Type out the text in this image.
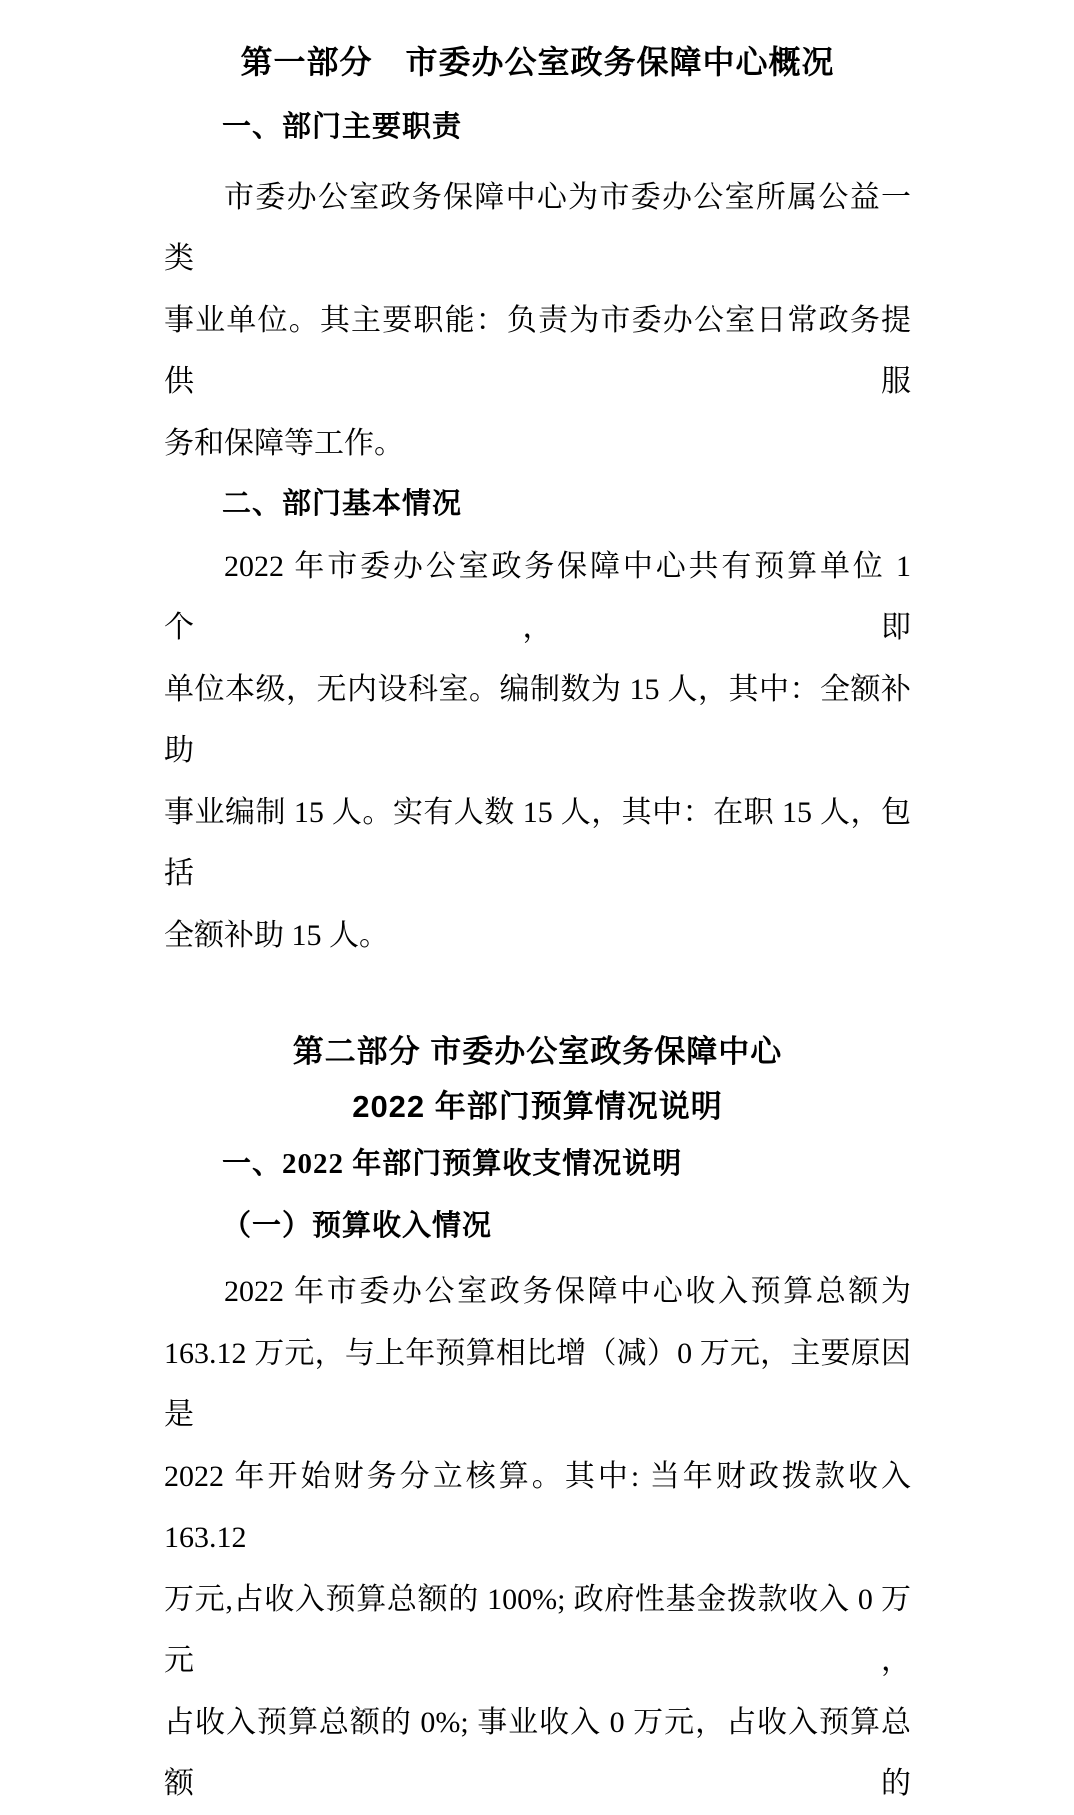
第一部分　市委办公室政务保障中心概况
一、部门主要职责
市委办公室政务保障中心为市委办公室所属公益一类
事业单位。其主要职能：负责为市委办公室日常政务提供服
务和保障等工作。
二、部门基本情况
2022 年市委办公室政务保障中心共有预算单位 1 个，即
单位本级，无内设科室。编制数为 15 人，其中：全额补助
事业编制 15 人。实有人数 15 人，其中：在职 15 人，包括
全额补助 15 人。
第二部分 市委办公室政务保障中心
2022 年部门预算情况说明
一、2022 年部门预算收支情况说明
（一）预算收入情况
2022 年市委办公室政务保障中心收入预算总额为
163.12 万元，与上年预算相比增（减）0 万元，主要原因是
2022 年开始财务分立核算。其中: 当年财政拨款收入 163.12
万元,占收入预算总额的 100%; 政府性基金拨款收入 0 万元，
占收入预算总额的 0%; 事业收入 0 万元，占收入预算总额的
